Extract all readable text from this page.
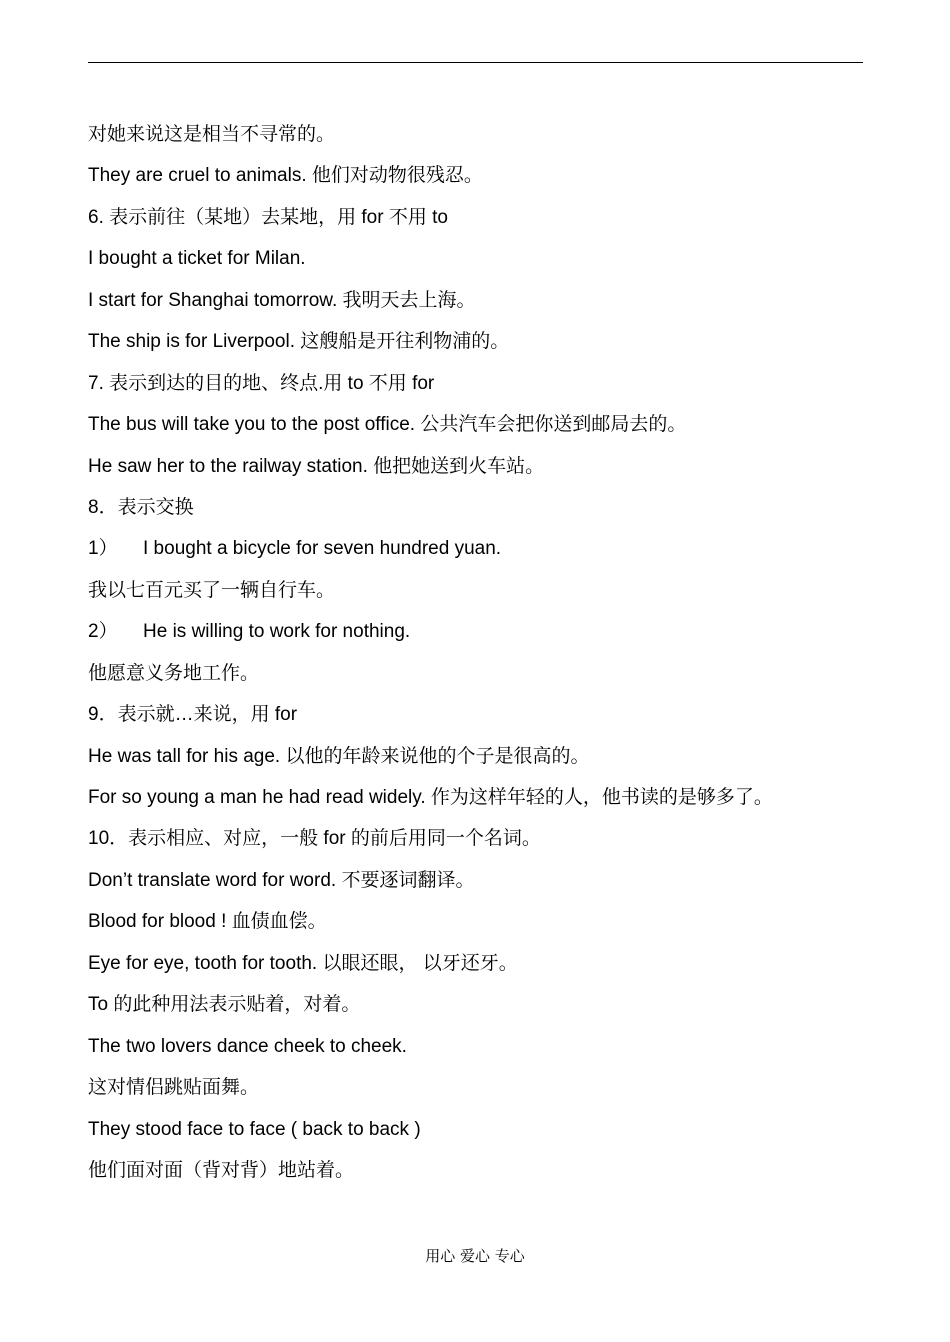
对她来说这是相当不寻常的。
They are cruel to animals. 他们对动物很残忍。
6. 表示前往（某地）去某地，用 for 不用 to
I bought a ticket for Milan.
I start for Shanghai tomorrow. 我明天去上海。
The ship is for Liverpool. 这艘船是开往利物浦的。
7. 表示到达的目的地、终点.用 to 不用 for
The bus will take you to the post office. 公共汽车会把你送到邮局去的。
He saw her to the railway station. 他把她送到火车站。
8．表示交换
1） I bought a bicycle for seven hundred yuan.
我以七百元买了一辆自行车。
2） He is willing to work for nothing.
他愿意义务地工作。
9．表示就…来说，用 for
He was tall for his age. 以他的年龄来说他的个子是很高的。
For so young a man he had read widely. 作为这样年轻的人，他书读的是够多了。
10．表示相应、对应，一般 for 的前后用同一个名词。
Don’t translate word for word. 不要逐词翻译。
Blood for blood ! 血债血偿。
Eye for eye, tooth for tooth. 以眼还眼， 以牙还牙。
To 的此种用法表示贴着，对着。
The two lovers dance cheek to cheek.
这对情侣跳贴面舞。
They stood face to face ( back to back )
他们面对面（背对背）地站着。
用心 爱心 专心
